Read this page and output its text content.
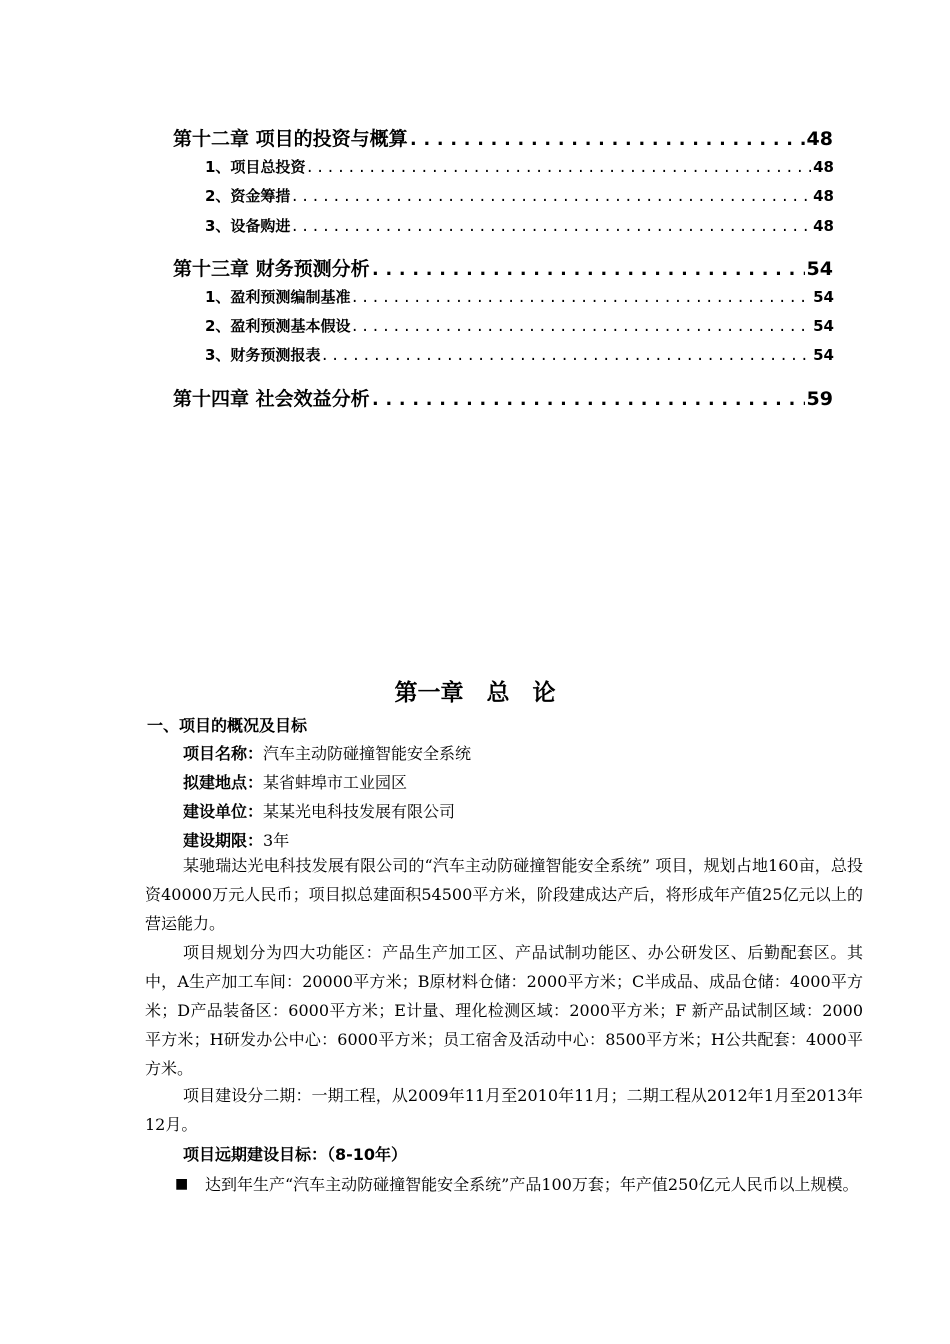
第十二章 项目的投资与概算 .....	48
1、项目总投资 .....	48
2、资金筹措 .....	48
3、设备购进 .....	48
第十三章 财务预测分析 .....	54
1、盈利预测编制基准 .....	54
2、盈利预测基本假设 .....	54
3、财务预测报表 .....	54
第十四章 社会效益分析 .....	59
第一章　总　论
一、项目的概况及目标
项目名称：汽车主动防碰撞智能安全系统
拟建地点：某省蚌埠市工业园区
建设单位：某某光电科技发展有限公司
建设期限：3年
某驰瑞达光电科技发展有限公司的“汽车主动防碰撞智能安全系统” 项目，规划占地160亩，总投资40000万元人民币；项目拟总建面积54500平方米，阶段建成达产后，将形成年产值25亿元以上的营运能力。
项目规划分为四大功能区：产品生产加工区、产品试制功能区、办公研发区、后勤配套区。其中，A生产加工车间：20000平方米；B原材料仓储：2000平方米；C半成品、成品仓储：4000平方米；D产品装备区：6000平方米；E计量、理化检测区域：2000平方米；F 新产品试制区域：2000平方米；H研发办公中心：6000平方米；员工宿舍及活动中心：8500平方米；H公共配套：4000平方米。
项目建设分二期：一期工程，从2009年11月至2010年11月；二期工程从2012年1月至2013年12月。
项目远期建设目标：（8-10年）
■ 达到年生产“汽车主动防碰撞智能安全系统”产品100万套；年产值250亿元人民币以上规模。
